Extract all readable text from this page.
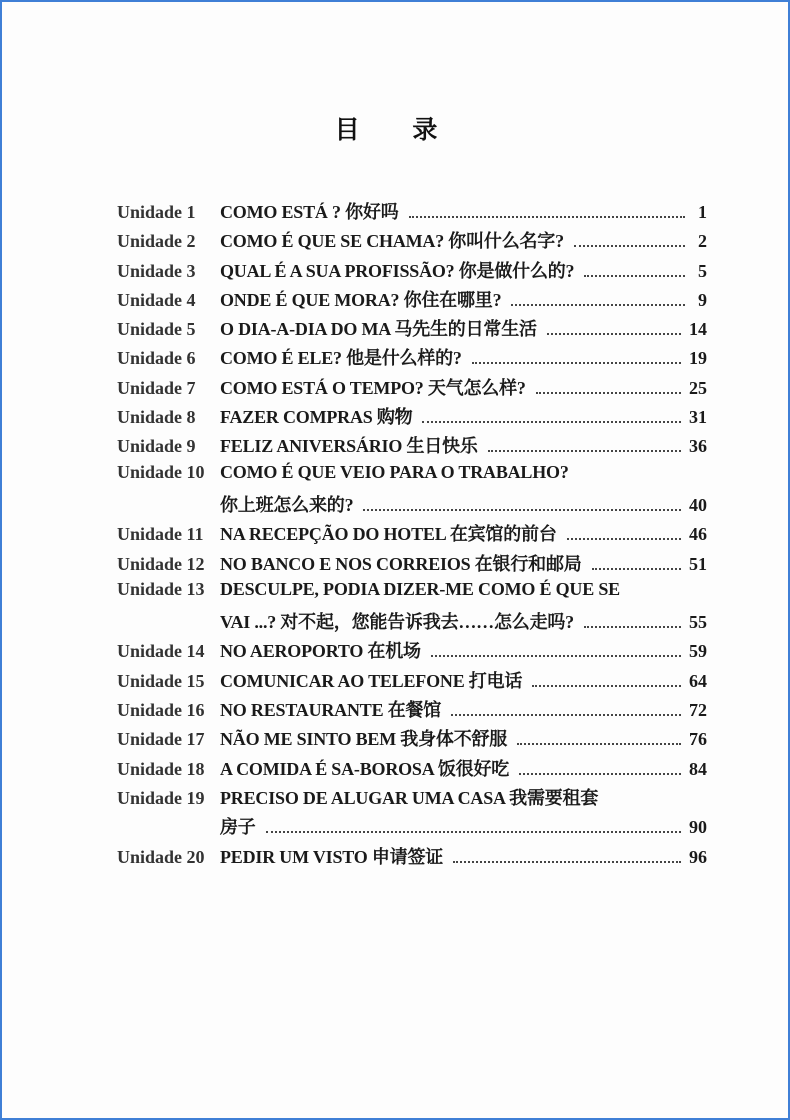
目 录
Unidade 1	COMO ESTÁ ? 你好吗	1
Unidade 2	COMO É QUE SE CHAMA? 你叫什么名字?	2
Unidade 3	QUAL É A SUA PROFISSÃO? 你是做什么的?	5
Unidade 4	ONDE É QUE MORA? 你住在哪里?	9
Unidade 5	O DIA-A-DIA DO MA 马先生的日常生活	14
Unidade 6	COMO É ELE? 他是什么样的?	19
Unidade 7	COMO ESTÁ O TEMPO? 天气怎么样?	25
Unidade 8	FAZER COMPRAS 购物	31
Unidade 9	FELIZ ANIVERSÁRIO 生日快乐	36
Unidade 10 COMO É QUE VEIO PARA O TRABALHO?
你上班怎么来的?	40
Unidade 11 NA RECEPÇÃO DO HOTEL 在宾馆的前台	46
Unidade 12 NO BANCO E NOS CORREIOS 在银行和邮局	51
Unidade 13 DESCULPE, PODIA DIZER-ME COMO É QUE SE
VAI ...? 对不起，您能告诉我去……怎么走吗?	55
Unidade 14 NO AEROPORTO 在机场	59
Unidade 15 COMUNICAR AO TELEFONE 打电话	64
Unidade 16 NO RESTAURANTE 在餐馆	72
Unidade 17 NÃO ME SINTO BEM 我身体不舒服	76
Unidade 18 A COMIDA É SA-BOROSA 饭很好吃	84
Unidade 19 PRECISO DE ALUGAR UMA CASA 我需要租套
房子	90
Unidade 20 PEDIR UM VISTO 申请签证	96
